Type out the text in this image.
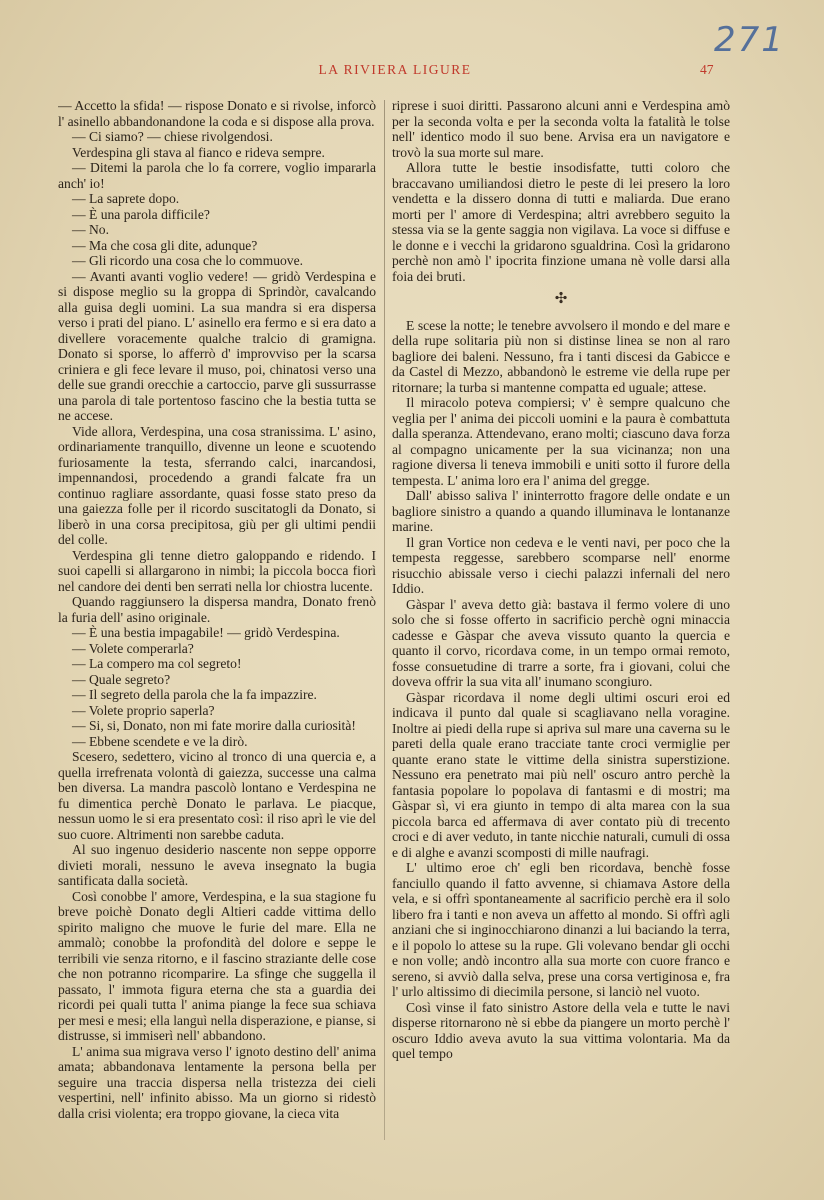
271
LA RIVIERA LIGURE	47

— Accetto la sfida! — rispose Donato e si rivolse, inforcò l' asinello abbandonandone la coda e si dispose alla prova.

— Ci siamo? — chiese rivolgendosi.

Verdespina gli stava al fianco e rideva sempre.

— Ditemi la parola che lo fa correre, voglio impararla anch' io!

— La saprete dopo.

— È una parola difficile?

— No.

— Ma che cosa gli dite, adunque?

— Gli ricordo una cosa che lo commuove.

— Avanti avanti voglio vedere! — gridò Verdespina e si dispose meglio su la groppa di Sprindòr, cavalcando alla guisa degli uomini. La sua mandra si era dispersa verso i prati del piano. L' asinello era fermo e si era dato a divellere voracemente qualche tralcio di gramigna. Donato si sporse, lo afferrò d' improvviso per la scarsa criniera e gli fece levare il muso, poi, chinatosi verso una delle sue grandi orecchie a cartoccio, parve gli sussurrasse una parola di tale portentoso fascino che la bestia tutta se ne accese.

Vide allora, Verdespina, una cosa stranissima. L' asino, ordinariamente tranquillo, divenne un leone e scuotendo furiosamente la testa, sferrando calci, inarcandosi, impennandosi, procedendo a grandi falcate fra un continuo ragliare assordante, quasi fosse stato preso da una gaiezza folle per il ricordo suscitatogli da Donato, si liberò in una corsa precipitosa, giù per gli ultimi pendii del colle.

Verdespina gli tenne dietro galoppando e ridendo. I suoi capelli si allargarono in nimbi; la piccola bocca fiorì nel candore dei denti ben serrati nella lor chiostra lucente.

Quando raggiunsero la dispersa mandra, Donato frenò la furia dell' asino originale.

— È una bestia impagabile! — gridò Verdespina.

— Volete comperarla?

— La compero ma col segreto!

— Quale segreto?

— Il segreto della parola che la fa impazzire.

— Volete proprio saperla?

— Si, si, Donato, non mi fate morire dalla curiosità!

— Ebbene scendete e ve la dirò.

Scesero, sedettero, vicino al tronco di una quercia e, a quella irrefrenata volontà di gaiezza, successe una calma ben diversa. La mandra pascolò lontano e Verdespina ne fu dimentica perchè Donato le parlava. Le piacque, nessun uomo le si era presentato così: il riso aprì le vie del suo cuore. Altrimenti non sarebbe caduta.

Al suo ingenuo desiderio nascente non seppe opporre divieti morali, nessuno le aveva insegnato la bugia santificata dalla società.

Così conobbe l' amore, Verdespina, e la sua stagione fu breve poichè Donato degli Altieri cadde vittima dello spirito maligno che muove le furie del mare. Ella ne ammalò; conobbe la profondità del dolore e seppe le terribili vie senza ritorno, e il fascino straziante delle cose che non potranno ricomparire. La sfinge che suggella il passato, l' immota figura eterna che sta a guardia dei ricordi pei quali tutta l' anima piange la fece sua schiava per mesi e mesi; ella languì nella disperazione, e pianse, si distrusse, si immiserì nell' abbandono.

L' anima sua migrava verso l' ignoto destino dell' anima amata; abbandonava lentamente la persona bella per seguire una traccia dispersa nella tristezza dei cieli vespertini, nell' infinito abisso. Ma un giorno si ridestò dalla crisi violenta; era troppo giovane, la cieca vita

riprese i suoi diritti. Passarono alcuni anni e Verdespina amò per la seconda volta e per la seconda volta la fatalità le tolse nell' identico modo il suo bene. Arvisa era un navigatore e trovò la sua morte sul mare.

Allora tutte le bestie insodisfatte, tutti coloro che braccavano umiliandosi dietro le peste di lei presero la loro vendetta e la dissero donna di tutti e maliarda. Due erano morti per l' amore di Verdespina; altri avrebbero seguito la stessa via se la gente saggia non vigilava. La voce si diffuse e le donne e i vecchi la gridarono sgualdrina. Così la gridarono perchè non amò l' ipocrita finzione umana nè volle darsi alla foia dei bruti.

✣

E scese la notte; le tenebre avvolsero il mondo e del mare e della rupe solitaria più non si distinse linea se non al raro bagliore dei baleni. Nessuno, fra i tanti discesi da Gabicce e da Castel di Mezzo, abbandonò le estreme vie della rupe per ritornare; la turba si mantenne compatta ed uguale; attese.

Il miracolo poteva compiersi; v' è sempre qualcuno che veglia per l' anima dei piccoli uomini e la paura è combattuta dalla speranza. Attendevano, erano molti; ciascuno dava forza al compagno unicamente per la sua vicinanza; non una ragione diversa li teneva immobili e uniti sotto il furore della tempesta. L' anima loro era l' anima del gregge.

Dall' abisso saliva l' ininterrotto fragore delle ondate e un bagliore sinistro a quando a quando illuminava le lontananze marine.

Il gran Vortice non cedeva e le venti navi, per poco che la tempesta reggesse, sarebbero scomparse nell' enorme risucchio abissale verso i ciechi palazzi infernali del nero Iddio.

Gàspar l' aveva detto già: bastava il fermo volere di uno solo che si fosse offerto in sacrificio perchè ogni minaccia cadesse e Gàspar che aveva vissuto quanto la quercia e quanto il corvo, ricordava come, in un tempo ormai remoto, fosse consuetudine di trarre a sorte, fra i giovani, colui che doveva offrir la sua vita all' inumano scongiuro.

Gàspar ricordava il nome degli ultimi oscuri eroi ed indicava il punto dal quale si scagliavano nella voragine. Inoltre ai piedi della rupe si apriva sul mare una caverna su le pareti della quale erano tracciate tante croci vermiglie per quante erano state le vittime della sinistra superstizione. Nessuno era penetrato mai più nell' oscuro antro perchè la fantasia popolare lo popolava di fantasmi e di mostri; ma Gàspar sì, vi era giunto in tempo di alta marea con la sua piccola barca ed affermava di aver contato più di trecento croci e di aver veduto, in tante nicchie naturali, cumuli di ossa e di alghe e avanzi scomposti di mille naufragi.

L' ultimo eroe ch' egli ben ricordava, benchè fosse fanciullo quando il fatto avvenne, si chiamava Astore della vela, e si offrì spontaneamente al sacrificio perchè era il solo libero fra i tanti e non aveva un affetto al mondo. Si offrì agli anziani che si inginocchiarono dinanzi a lui baciando la terra, e il popolo lo attese su la rupe. Gli volevano bendar gli occhi e non volle; andò incontro alla sua morte con cuore franco e sereno, si avviò dalla selva, prese una corsa vertiginosa e, fra l' urlo altissimo di diecimila persone, si lanciò nel vuoto.

Così vinse il fato sinistro Astore della vela e tutte le navi disperse ritornarono nè si ebbe da piangere un morto perchè l' oscuro Iddio aveva avuto la sua vittima volontaria. Ma da quel tempo
